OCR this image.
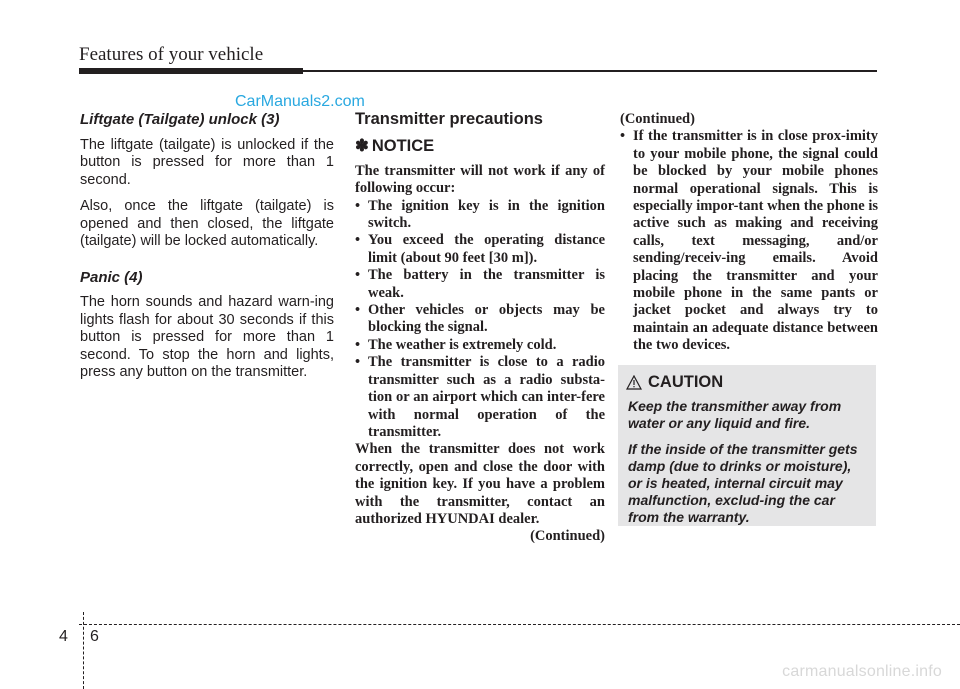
Features of your vehicle
CarManuals2.com
Liftgate (Tailgate) unlock (3)

The liftgate (tailgate) is unlocked if the button is pressed for more than 1 second.

Also, once the liftgate (tailgate) is opened and then closed, the liftgate (tailgate) will be locked automatically.

Panic (4)

The horn sounds and hazard warn-ing lights flash for about 30 seconds if this button is pressed for more than 1 second. To stop the horn and lights, press any button on the transmitter.

Transmitter precautions
✽ NOTICE
The transmitter will not work if any of following occur:
• The ignition key is in the ignition switch.
• You exceed the operating distance limit (about 90 feet [30 m]).
• The battery in the transmitter is weak.
• Other vehicles or objects may be blocking the signal.
• The weather is extremely cold.
• The transmitter is close to a radio transmitter such as a radio substa-tion or an airport which can inter-fere with normal operation of the transmitter.
When the transmitter does not work correctly, open and close the door with the ignition key. If you have a problem with the transmitter, contact an authorized HYUNDAI dealer.
(Continued)
(Continued)
• If the transmitter is in close prox-imity to your mobile phone, the signal could be blocked by your mobile phones normal operational signals. This is especially impor-tant when the phone is active such as making and receiving calls, text messaging, and/or sending/receiv-ing emails. Avoid placing the transmitter and your mobile phone in the same pants or jacket pocket and always try to maintain an adequate distance between the two devices.
CAUTION

Keep the transmither away from water or any liquid and fire.

If the inside of the transmitter gets damp (due to drinks or moisture), or is heated, internal circuit may malfunction, exclud-ing the car from the warranty.

4 6
carmanualsonline.info
